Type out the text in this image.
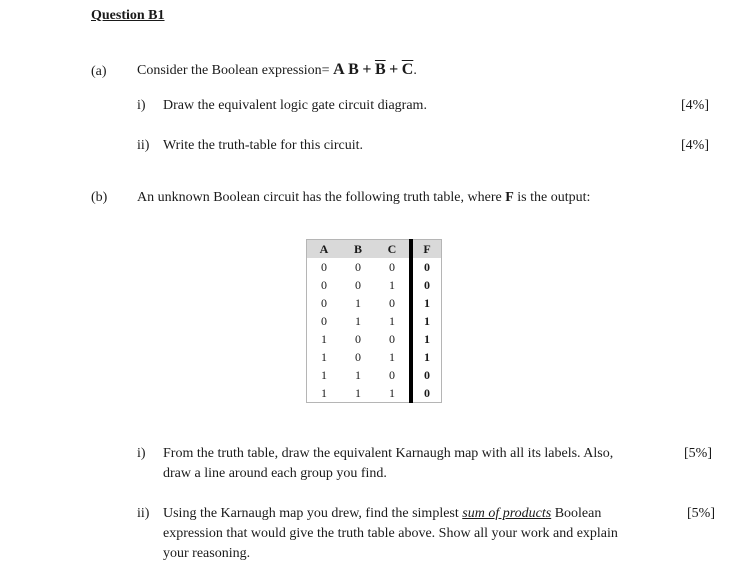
Question B1
(a) Consider the Boolean expression= A $B + \overline{B} + \overline{C}$.
i) Draw the equivalent logic gate circuit diagram.	[4%]
ii) Write the truth-table for this circuit.	[4%]
(b) An unknown Boolean circuit has the following truth table, where F is the output:
A	B	C	F
0	0	0	0
0	0	1	0
0	1	0	1
0	1	1	1
1	0	0	1
1	0	1	1
1	1	0	0
1	1	1	0
i) From the truth table, draw the equivalent Karnaugh map with all its labels. Also,
draw a line around each group you find.
[5%]
ii) Using the Karnaugh map you drew, find the simplest sum of products Boolean
expression that would give the truth table above. Show all your work and explain
your reasoning.
[5%]
